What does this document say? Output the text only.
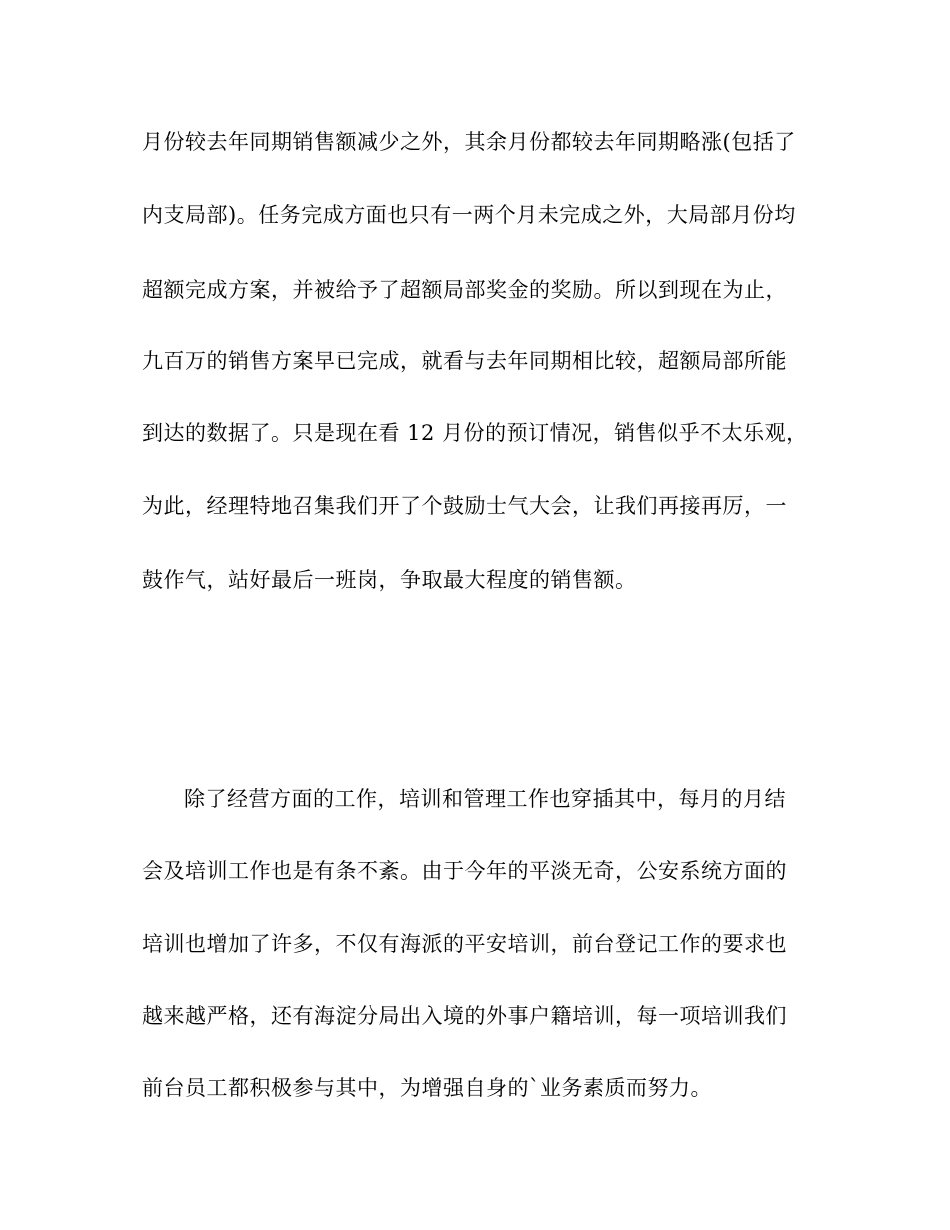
月份较去年同期销售额减少之外，其余月份都较去年同期略涨(包括了
内支局部)。任务完成方面也只有一两个月未完成之外，大局部月份均
超额完成方案，并被给予了超额局部奖金的奖励。所以到现在为止，
九百万的销售方案早已完成，就看与去年同期相比较，超额局部所能
到达的数据了。只是现在看 12 月份的预订情况，销售似乎不太乐观，
为此，经理特地召集我们开了个鼓励士气大会，让我们再接再厉，一
鼓作气，站好最后一班岗，争取最大程度的销售额。
除了经营方面的工作，培训和管理工作也穿插其中，每月的月结
会及培训工作也是有条不紊。由于今年的平淡无奇，公安系统方面的
培训也增加了许多，不仅有海派的平安培训，前台登记工作的要求也
越来越严格，还有海淀分局出入境的外事户籍培训，每一项培训我们
前台员工都积极参与其中，为增强自身的`业务素质而努力。
